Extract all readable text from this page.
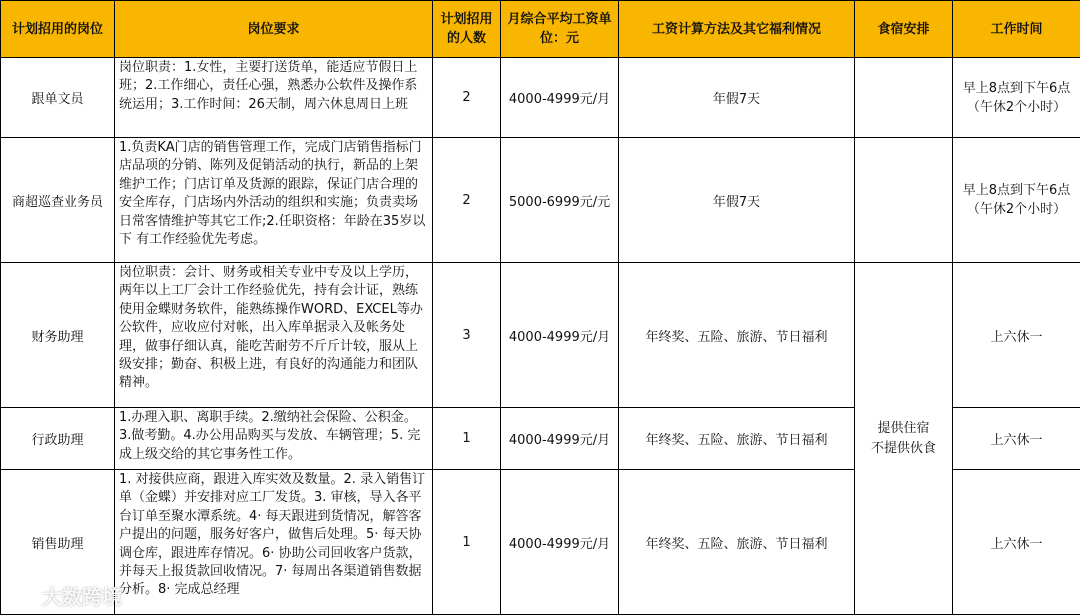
计划招用的岗位	岗位要求	计划招用的人数	月综合平均工资单位：元	工资计算方法及其它福利情况	食宿安排	工作时间
跟单文员	岗位职责：1.女性，主要打送货单，能适应节假日上班；2.工作细心，责任心强，熟悉办公软件及操作系统运用；3.工作时间：26天制，周六休息周日上班	2	4000-4999元/月	年假7天		早上8点到下午6点
（午休2个小时）

商超巡查业务员	1.负责KA门店的销售管理工作，完成门店销售指标门店品项的分销、陈列及促销活动的执行，新品的上架维护工作；门店订单及货源的跟踪，保证门店合理的安全库存，门店场内外活动的组织和实施；负责卖场日常客情维护等其它工作;2.任职资格：年龄在35岁以下 有工作经验优先考虑。	2	5000-6999元/元	年假7天		早上8点到下午6点
（午休2个小时）

财务助理	岗位职责：会计、财务或相关专业中专及以上学历，两年以上工厂会计工作经验优先，持有会计证，熟练使用金蝶财务软件，能熟练操作WORD、EXCEL等办公软件，应收应付对帐，出入库单据录入及帐务处理，做事仔细认真，能吃苦耐劳不斤斤计较，服从上级安排；勤奋、积极上进，有良好的沟通能力和团队精神。	3	4000-4999元/月	年终奖、五险、旅游、节日福利	提供住宿
不提供伙食	上六休一
行政助理	1.办理入职、离职手续。2.缴纳社会保险、公积金。3.做考勤。4.办公用品购买与发放、车辆管理；5. 完成上级交给的其它事务性工作。	1	4000-4999元/月	年终奖、五险、旅游、节日福利		上六休一
销售助理	1. 对接供应商，跟进入库实效及数量。2. 录入销售订单（金蝶）并安排对应工厂发货。3. 审核，导入各平台订单至聚水潭系统。4· 每天跟进到货情况，解答客户提出的问题，服务好客户，做售后处理。5· 每天协调仓库，跟进库存情况。6· 协助公司回收客户货款，并每天上报货款回收情况。7· 每周出各渠道销售数据分析。8· 完成总经理	1	4000-4999元/月	年终奖、五险、旅游、节日福利		上六休一
大数跨境
